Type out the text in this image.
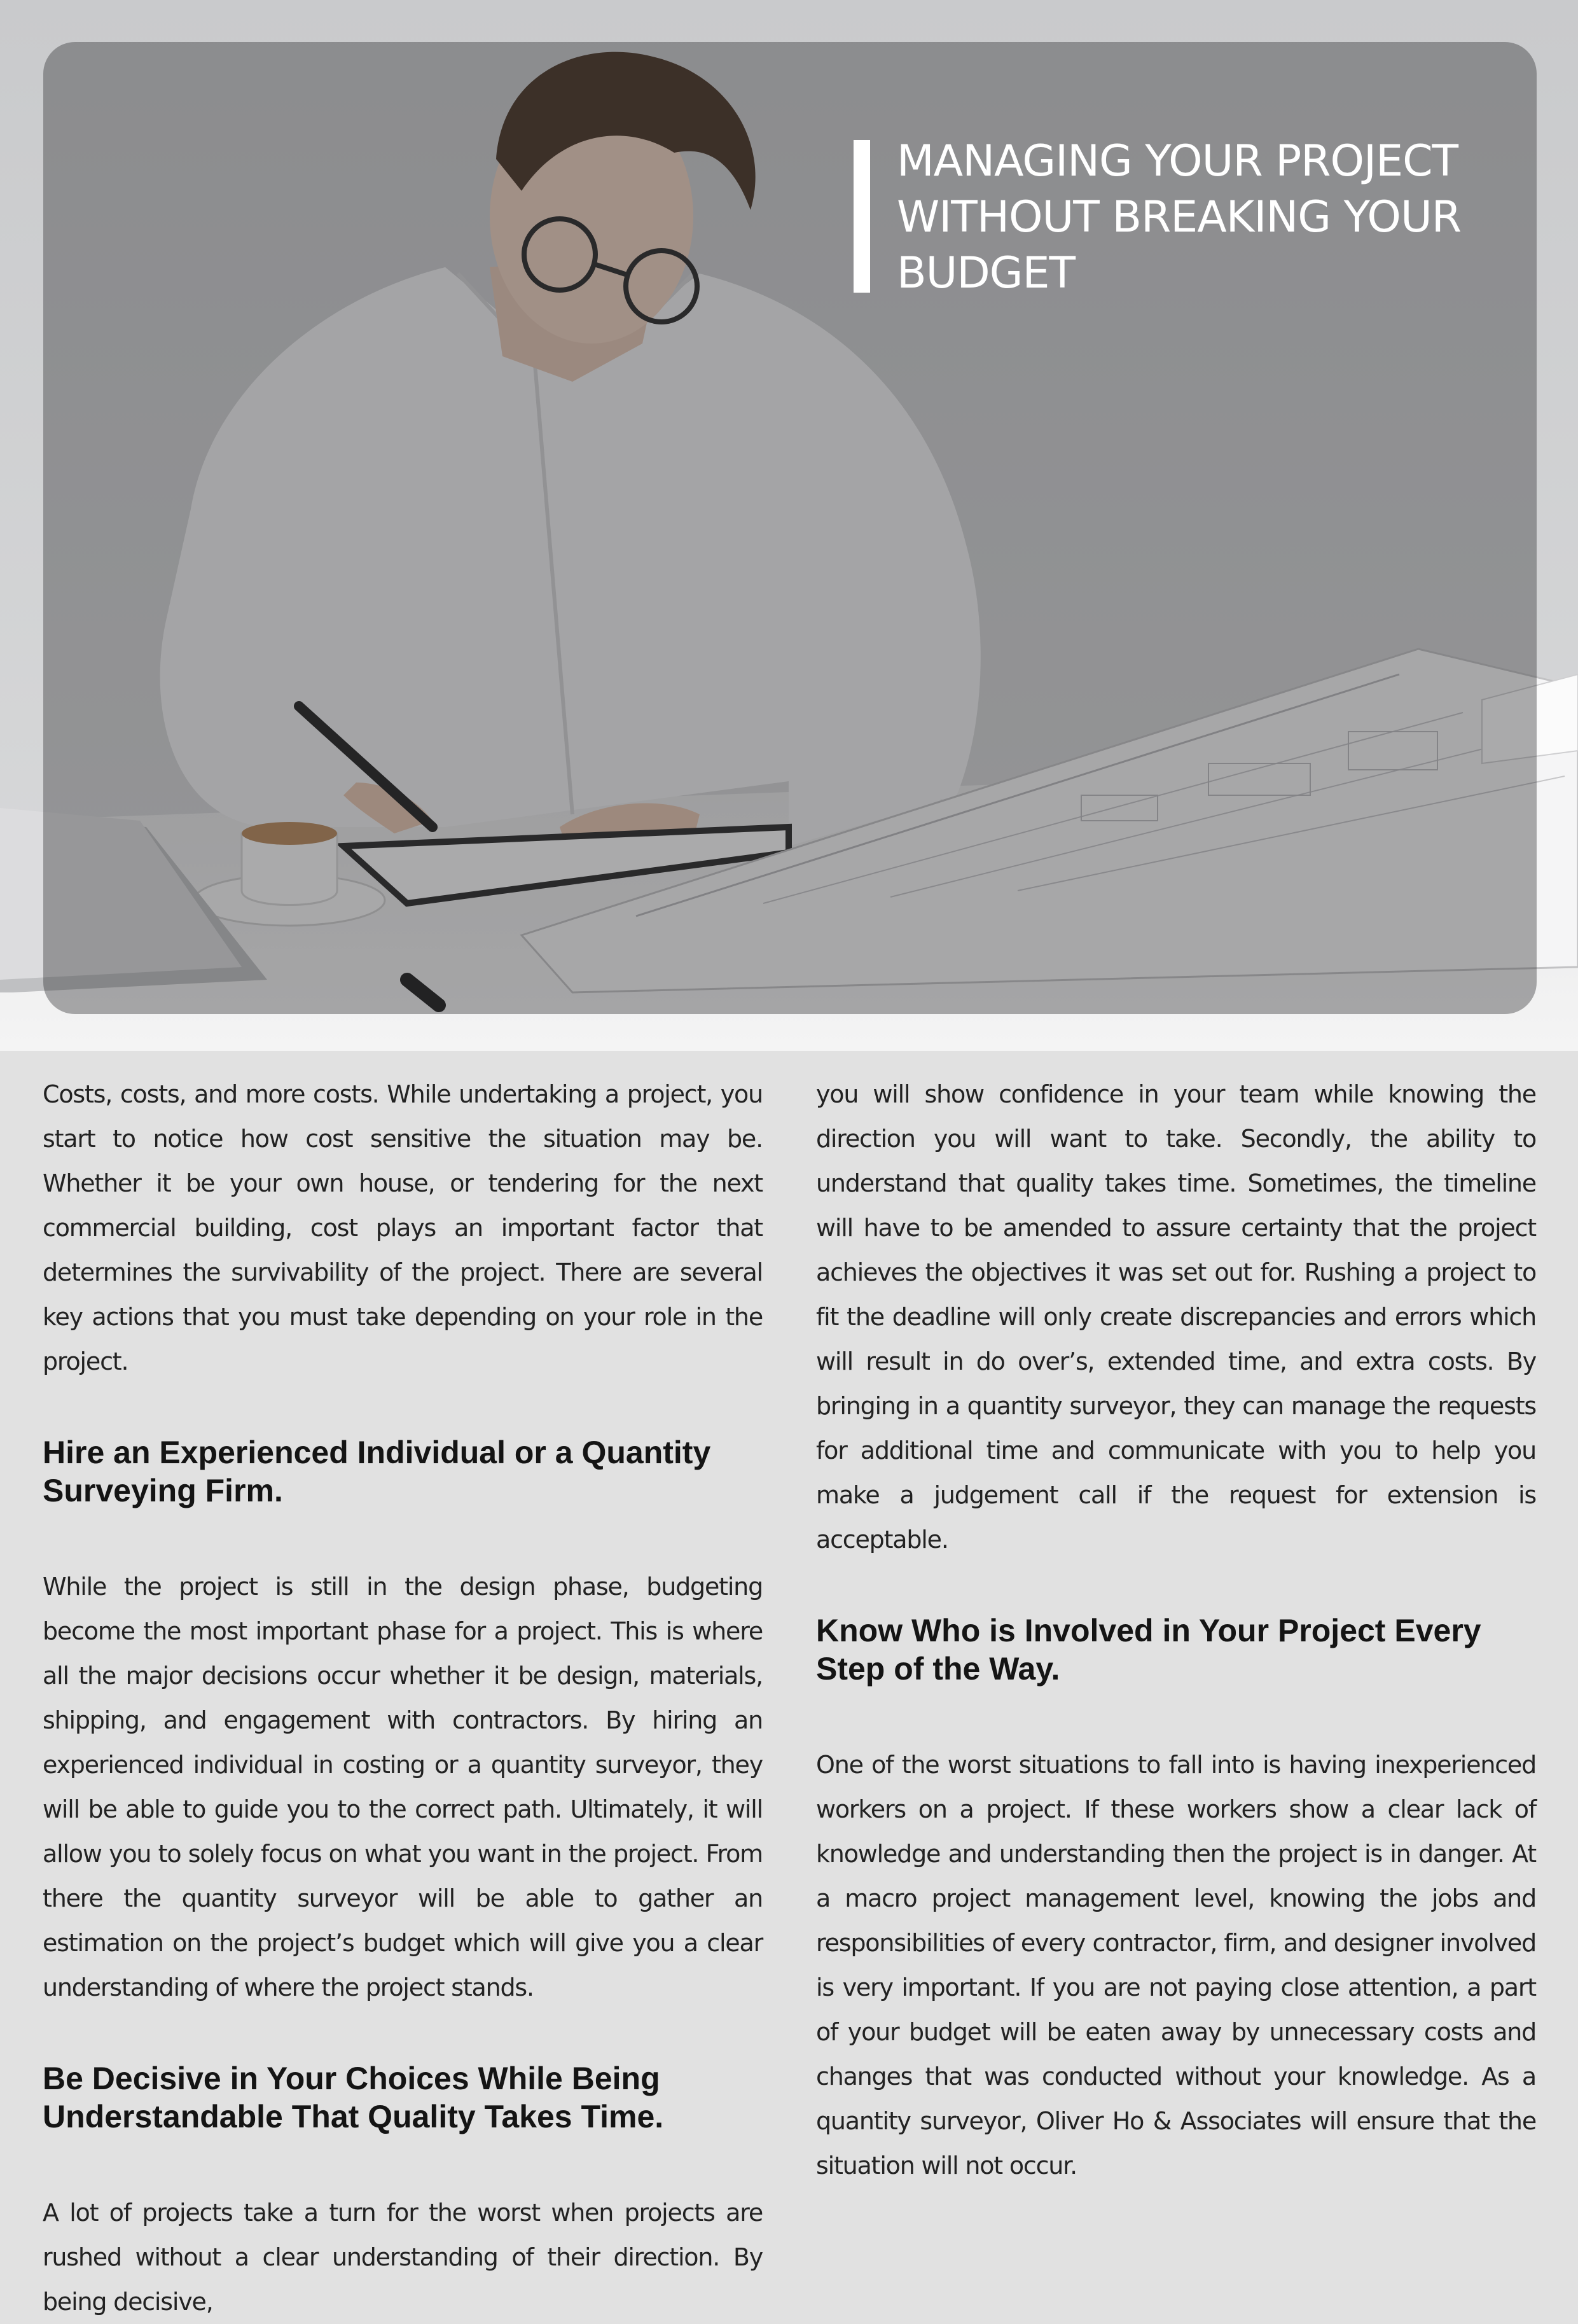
MANAGING YOUR PROJECT
WITHOUT BREAKING YOUR
BUDGET

Costs, costs, and more costs. While undertaking a project, you start to notice how cost sensitive the situation may be. Whether it be your own house, or tendering for the next commercial building, cost plays an important factor that determines the survivability of the project. There are several key actions that you must take depending on your role in the project.

Hire an Experienced Individual or a Quantity Surveying Firm.

While the project is still in the design phase, budgeting become the most important phase for a project. This is where all the major decisions occur whether it be design, materials, shipping, and engagement with contractors. By hiring an experienced individual in costing or a quantity surveyor, they will be able to guide you to the correct path. Ultimately, it will allow you to solely focus on what you want in the project. From there the quantity surveyor will be able to gather an estimation on the project’s budget which will give you a clear understanding of where the project stands.

Be Decisive in Your Choices While Being Understandable That Quality Takes Time.

A lot of projects take a turn for the worst when projects are rushed without a clear understanding of their direction. By being decisive,

you will show confidence in your team while knowing the direction you will want to take. Secondly, the ability to understand that quality takes time. Sometimes, the timeline will have to be amended to assure certainty that the project achieves the objectives it was set out for. Rushing a project to fit the deadline will only create discrepancies and errors which will result in do over’s, extended time, and extra costs. By bringing in a quantity surveyor, they can manage the requests for additional time and communicate with you to help you make a judgement call if the request for extension is acceptable.

Know Who is Involved in Your Project Every Step of the Way.

One of the worst situations to fall into is having inexperienced workers on a project. If these workers show a clear lack of knowledge and understanding then the project is in danger. At a macro project management level, knowing the jobs and responsibilities of every contractor, firm, and designer involved is very important. If you are not paying close attention, a part of your budget will be eaten away by unnecessary costs and changes that was conducted without your knowledge. As a quantity surveyor, Oliver Ho & Associates will ensure that the situation will not occur.
